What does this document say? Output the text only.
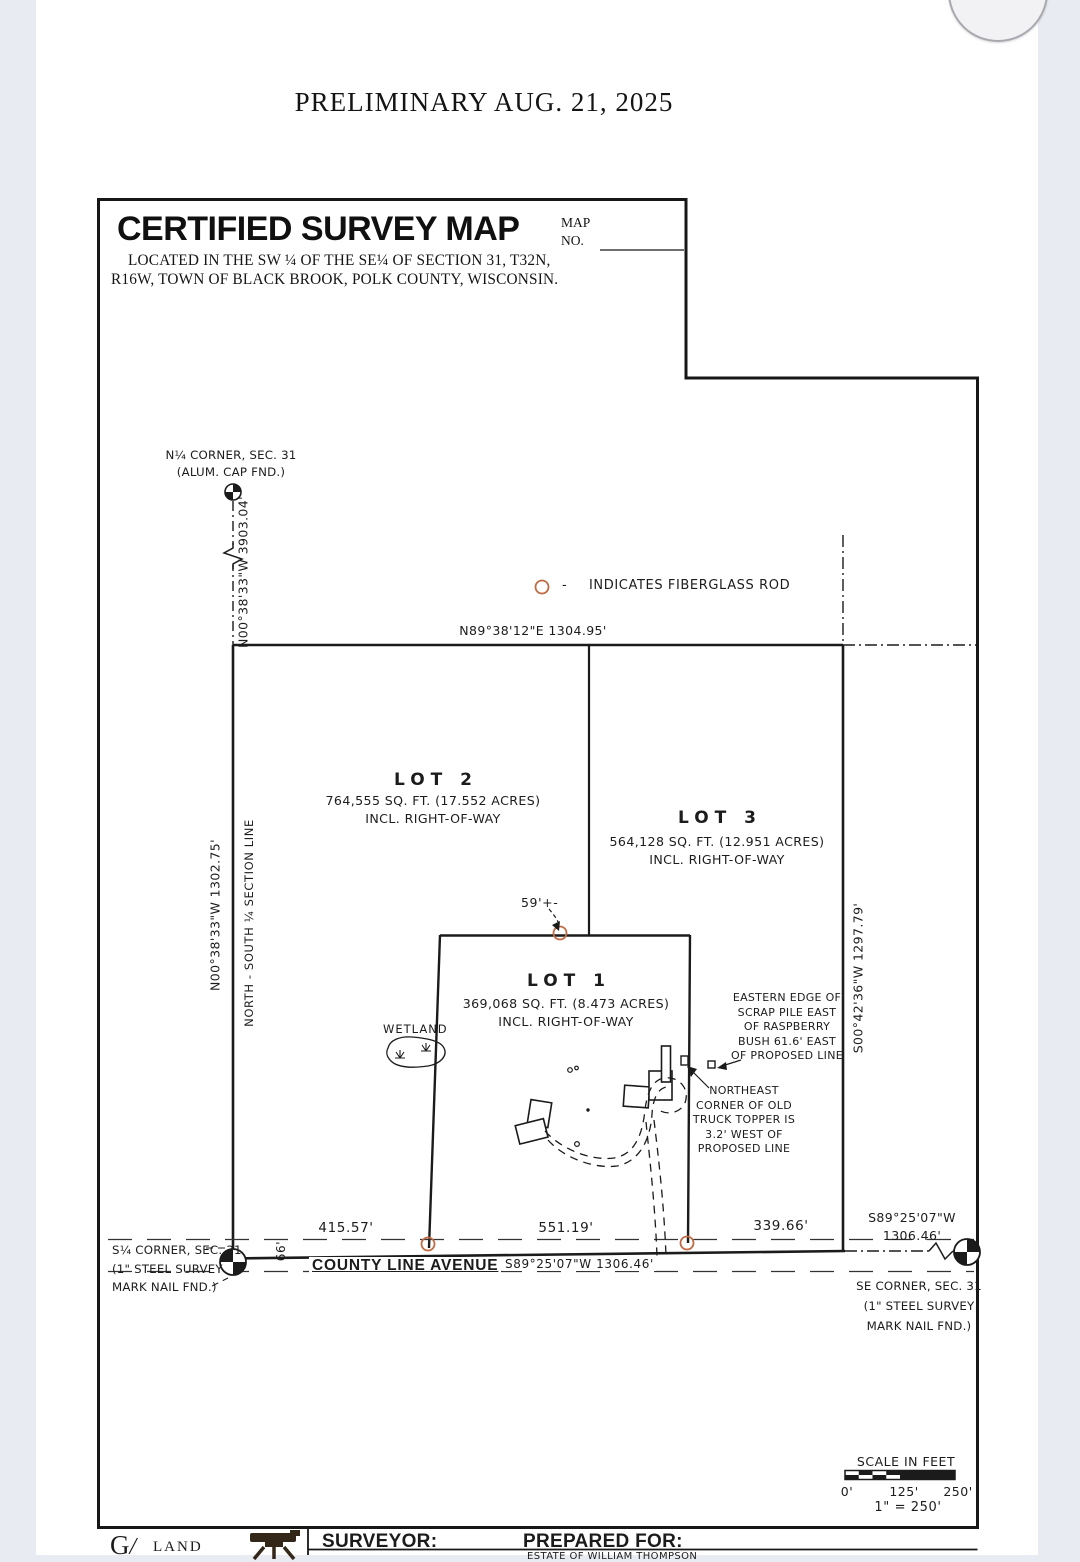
PRELIMINARY AUG. 21, 2025
CERTIFIED SURVEY MAP	MAP
NO.
LOCATED IN THE SW ¼ OF THE SE¼ OF SECTION 31, T32N,
R16W, TOWN OF BLACK BROOK, POLK COUNTY, WISCONSIN.
N¼ CORNER, SEC. 31
(ALUM. CAP FND.)
- INDICATES FIBERGLASS ROD
N00°38'33"W 3903.04'	N89°38'12"E 1304.95'
N00°38'33"W 1302.75' NORTH - SOUTH ¼ SECTION LINE	S00°42'36"W 1297.79'
LOT 2
764,555 SQ. FT. (17.552 ACRES)
INCL. RIGHT-OF-WAY	LOT 3
564,128 SQ. FT. (12.951 ACRES)
INCL. RIGHT-OF-WAY
LOT 1
369,068 SQ. FT. (8.473 ACRES)
INCL. RIGHT-OF-WAY
WETLAND
59'+-
EASTERN EDGE OF
SCRAP PILE EAST
OF RASPBERRY
BUSH 61.6' EAST
OF PROPOSED LINE
NORTHEAST
CORNER OF OLD
TRUCK TOPPER IS
3.2' WEST OF
PROPOSED LINE
415.57'	551.19'	339.66'
66'
COUNTY LINE AVENUE S89°25'07"W 1306.46'
S89°25'07"W
1306.46'
S¼ CORNER, SEC. 31
(1" STEEL SURVEY
MARK NAIL FND.)	SE CORNER, SEC. 31
(1" STEEL SURVEY
MARK NAIL FND.)
SCALE IN FEET
0'	125' 250'
1" = 250'
G/ LAND	SURVEYOR:	PREPARED FOR:
ESTATE OF WILLIAM THOMPSON
